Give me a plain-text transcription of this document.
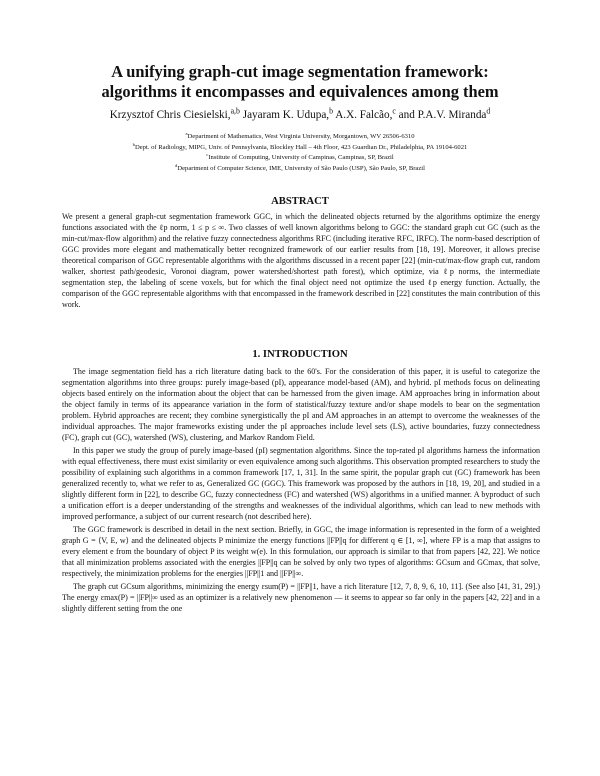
A unifying graph-cut image segmentation framework:
algorithms it encompasses and equivalences among them
Krzysztof Chris Ciesielski,$^{a,b}$ Jayaram K. Udupa,$^b$ A.X. Falcão,$^c$ and P.A.V. Miranda$^d$
$^a$Department of Mathematics, West Virginia University, Morgantown, WV 26506-6310
$^b$Dept. of Radiology, MIPG, Univ. of Pennsylvania, Blockley Hall – 4th Floor, 423 Guardian Dr., Philadelphia, PA 19104-6021
$^c$Institute of Computing, University of Campinas, Campinas, SP, Brazil
$^d$Department of Computer Science, IME, University of São Paulo (USP), São Paulo, SP, Brazil
ABSTRACT
We present a general graph-cut segmentation framework GGC, in which the delineated objects returned by the algorithms optimize the energy functions associated with the ℓp norm, 1 ≤ p ≤ ∞. Two classes of well known algorithms belong to GGC: the standard graph cut GC (such as the min-cut/max-flow algorithm) and the relative fuzzy connectedness algorithms RFC (including iterative RFC, IRFC). The norm-based description of GGC provides more elegant and mathematically better recognized framework of our earlier results from [18, 19]. Moreover, it allows precise theoretical comparison of GGC representable algorithms with the algorithms discussed in a recent paper [22] (min-cut/max-flow graph cut, random walker, shortest path/geodesic, Voronoi diagram, power watershed/shortest path forest), which optimize, via ℓp norms, the intermediate segmentation step, the labeling of scene voxels, but for which the final object need not optimize the used ℓp energy function. Actually, the comparison of the GGC representable algorithms with that encompassed in the framework described in [22] constitutes the main contribution of this work.
1. INTRODUCTION

The image segmentation field has a rich literature dating back to the 60's. For the consideration of this paper, it is useful to categorize the segmentation algorithms into three groups: purely image-based (pI), appearance model-based (AM), and hybrid. pI methods focus on delineating objects based entirely on the information about the object that can be harnessed from the given image. AM approaches bring in information about the object family in terms of its appearance variation in the form of statistical/fuzzy texture and/or shape models to bear on the segmentation problem. Hybrid approaches are recent; they combine synergistically the pI and AM approaches in an attempt to overcome the weaknesses of the individual approaches. The major frameworks existing under the pI approaches include level sets (LS), active boundaries, fuzzy connectedness (FC), graph cut (GC), watershed (WS), clustering, and Markov Random Field.

In this paper we study the group of purely image-based (pI) segmentation algorithms. Since the top-rated pI algorithms harness the information with equal effectiveness, there must exist similarity or even equivalence among such algorithms. This observation prompted researchers to study the possibility of explaining such algorithms in a common framework [17, 1, 31]. In the same spirit, the popular graph cut (GC) framework has been generalized recently to, what we refer to as, Generalized GC (GGC). This framework was proposed by the authors in [18, 19, 20], and studied in a slightly different form in [22], to describe GC, fuzzy connectedness (FC) and watershed (WS) algorithms in a unified manner. A byproduct of such a unification effort is a deeper understanding of the strengths and weaknesses of the individual algorithms, which can lead to new methods with improved performance, a subject of our current research (not described here).

The GGC framework is described in detail in the next section. Briefly, in GGC, the image information is represented in the form of a weighted graph G = ⟨V, E, w⟩ and the delineated objects P minimize the energy functions ||FP||q for different q ∈ [1, ∞], where FP is a map that assigns to every element e from the boundary of object P its weight w(e). In this formulation, our approach is similar to that from papers [42, 22]. We notice that all minimization problems associated with the energies ||FP||q can be solved by only two types of algorithms: GCsum and GCmax, that solve, respectively, the minimization problems for the energies ||FP||1 and ||FP||∞.

The graph cut GCsum algorithms, minimizing the energy εsum(P) = ||FP||1, have a rich literature [12, 7, 8, 9, 6, 10, 11]. (See also [41, 31, 29].) The energy εmax(P) = ||FP||∞ used as an optimizer is a relatively new phenomenon — it seems to appear so far only in the papers [42, 22] and in a slightly different setting from the one
